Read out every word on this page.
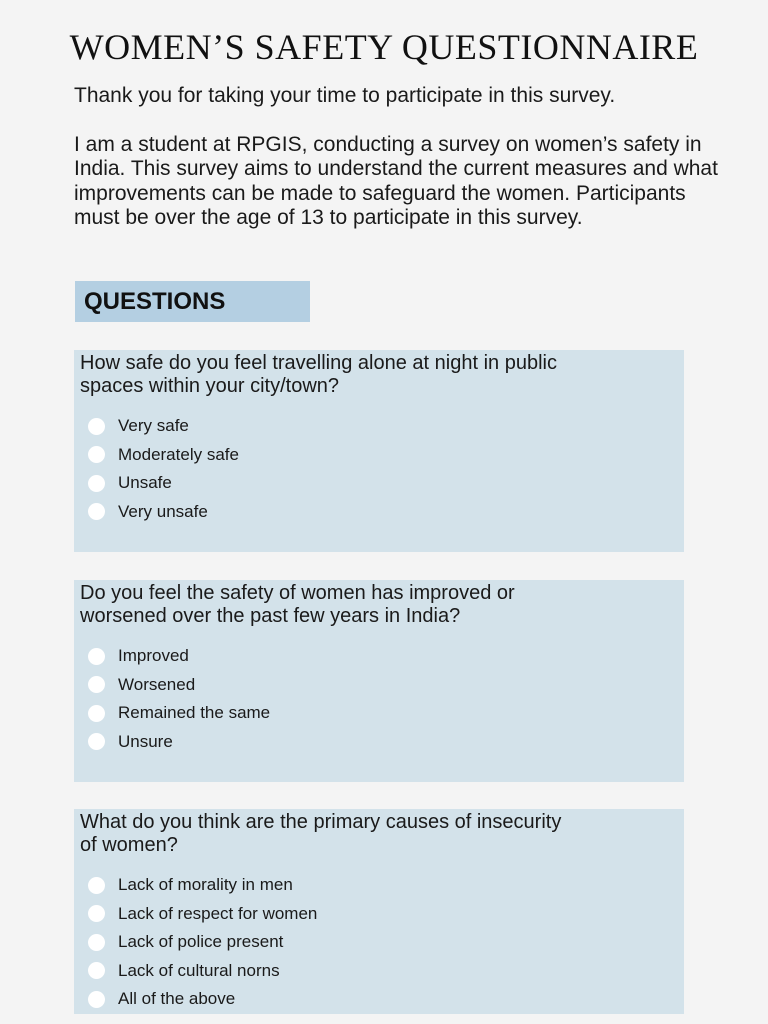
WOMEN’S SAFETY QUESTIONNAIRE

Thank you for taking your time to participate in this survey.

I am a student at RPGIS, conducting a survey on women’s safety in India. This survey aims to understand the current measures and what improvements can be made to safeguard the women. Participants must be over the age of 13 to participate in this survey.

QUESTIONS

How safe do you feel travelling alone at night in public spaces within your city/town?

Very safe
Moderately safe
Unsafe
Very unsafe

Do you feel the safety of women has improved or worsened over the past few years in India?

Improved
Worsened
Remained the same
Unsure

What do you think are the primary causes of insecurity of women?

Lack of morality in men
Lack of respect for women
Lack of police present
Lack of cultural norns
All of the above
